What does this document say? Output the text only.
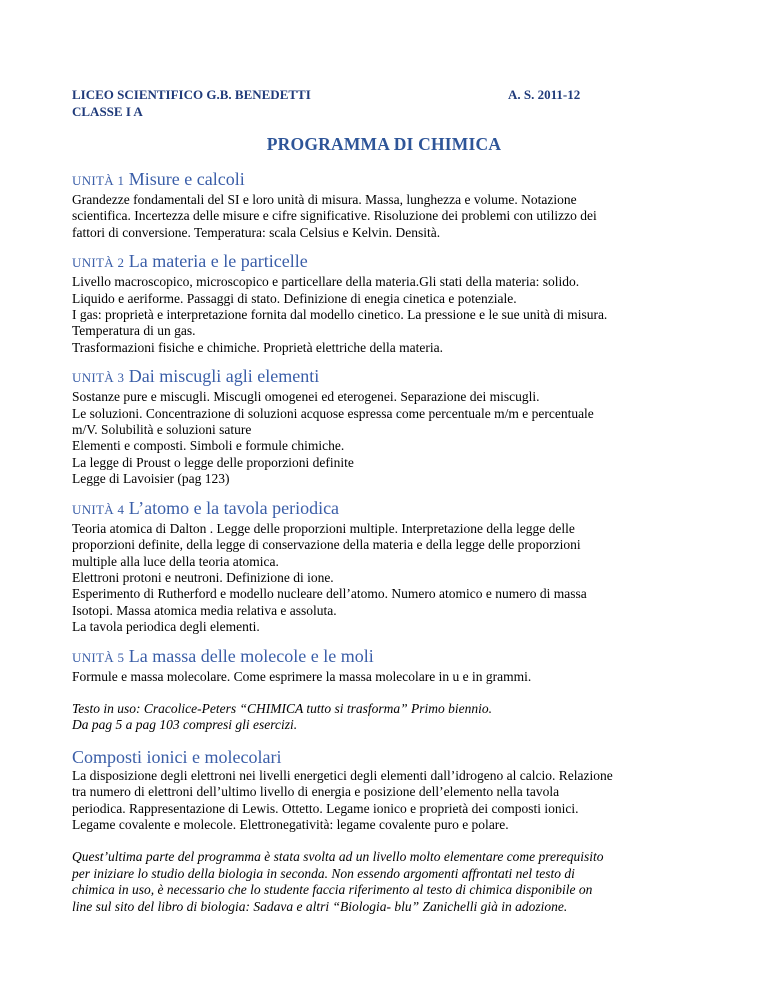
LICEO SCIENTIFICO G.B. BENEDETTI	A. S. 2011-12
CLASSE I A
PROGRAMMA DI CHIMICA
UNITÀ 1 Misure e calcoli
Grandezze fondamentali del SI e loro unità di misura. Massa, lunghezza e volume. Notazione
scientifica. Incertezza delle misure e cifre significative. Risoluzione dei problemi con utilizzo dei
fattori di conversione. Temperatura: scala Celsius e Kelvin. Densità.
UNITÀ 2 La materia e le particelle
Livello macroscopico, microscopico e particellare della materia.Gli stati della materia: solido.
Liquido e aeriforme. Passaggi di stato. Definizione di enegia cinetica e potenziale.
I gas: proprietà e interpretazione fornita dal modello cinetico. La pressione e le sue unità di misura.
Temperatura di un gas.
Trasformazioni fisiche e chimiche. Proprietà elettriche della materia.
UNITÀ 3 Dai miscugli agli elementi
Sostanze pure e miscugli. Miscugli omogenei ed eterogenei. Separazione dei miscugli.
Le soluzioni. Concentrazione di soluzioni acquose espressa come percentuale m/m e percentuale
m/V. Solubilità e soluzioni sature
Elementi e composti. Simboli e formule chimiche.
La legge di Proust o legge delle proporzioni definite
Legge di Lavoisier (pag 123)
UNITÀ 4 L’atomo e la tavola periodica
Teoria atomica di Dalton . Legge delle proporzioni multiple. Interpretazione della legge delle
proporzioni definite, della legge di conservazione della materia e della legge delle proporzioni
multiple alla luce della teoria atomica.
Elettroni protoni e neutroni. Definizione di ione.
Esperimento di Rutherford e modello nucleare dell’atomo. Numero atomico e numero di massa
Isotopi. Massa atomica media relativa e assoluta.
La tavola periodica degli elementi.
UNITÀ 5 La massa delle molecole e le moli
Formule e massa molecolare. Come esprimere la massa molecolare in u e in grammi.
Testo in uso: Cracolice-Peters “CHIMICA tutto si trasforma” Primo biennio.
Da pag 5 a pag 103 compresi gli esercizi.
Composti ionici e molecolari
La disposizione degli elettroni nei livelli energetici degli elementi dall’idrogeno al calcio. Relazione
tra numero di elettroni dell’ultimo livello di energia e posizione dell’elemento nella tavola
periodica. Rappresentazione di Lewis. Ottetto. Legame ionico e proprietà dei composti ionici.
Legame covalente e molecole. Elettronegatività: legame covalente puro e polare.
Quest’ultima parte del programma è stata svolta ad un livello molto elementare come prerequisito
per iniziare lo studio della biologia in seconda. Non essendo argomenti affrontati nel testo di
chimica in uso, è necessario che lo studente faccia riferimento al testo di chimica disponibile on
line sul sito del libro di biologia: Sadava e altri “Biologia- blu” Zanichelli già in adozione.
